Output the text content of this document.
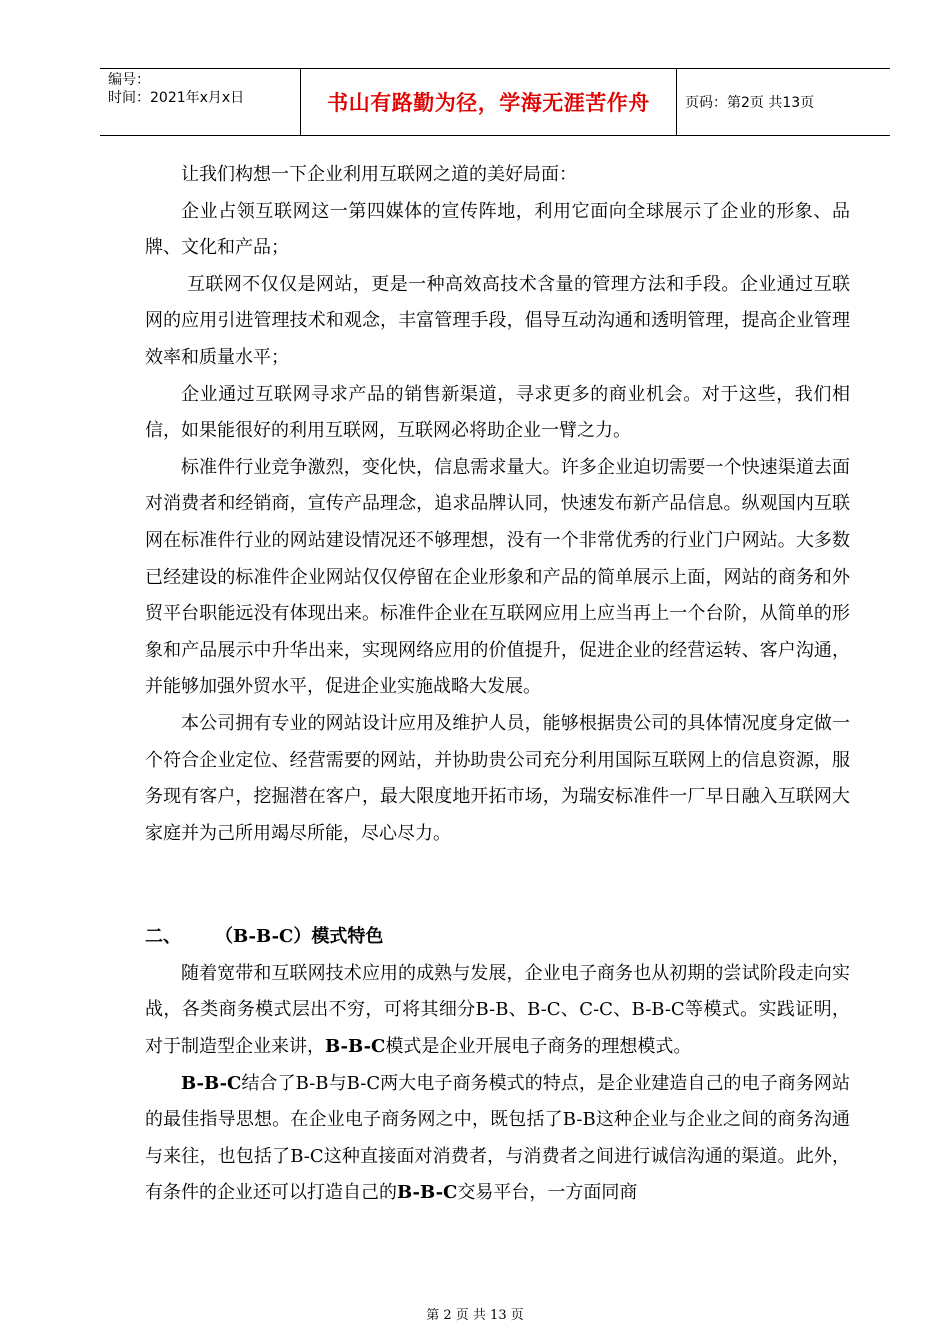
编号：
时间：2021年x月x日	书山有路勤为径，学海无涯苦作舟	页码：第2页 共13页

让我们构想一下企业利用互联网之道的美好局面：

企业占领互联网这一第四媒体的宣传阵地，利用它面向全球展示了企业的形象、品牌、文化和产品；

互联网不仅仅是网站，更是一种高效高技术含量的管理方法和手段。企业通过互联网的应用引进管理技术和观念，丰富管理手段，倡导互动沟通和透明管理，提高企业管理效率和质量水平；

企业通过互联网寻求产品的销售新渠道，寻求更多的商业机会。对于这些，我们相信，如果能很好的利用互联网，互联网必将助企业一臂之力。

标准件行业竞争激烈，变化快，信息需求量大。许多企业迫切需要一个快速渠道去面对消费者和经销商，宣传产品理念，追求品牌认同，快速发布新产品信息。纵观国内互联网在标准件行业的网站建设情况还不够理想，没有一个非常优秀的行业门户网站。大多数已经建设的标准件企业网站仅仅停留在企业形象和产品的简单展示上面，网站的商务和外贸平台职能远没有体现出来。标准件企业在互联网应用上应当再上一个台阶，从简单的形象和产品展示中升华出来，实现网络应用的价值提升，促进企业的经营运转、客户沟通，并能够加强外贸水平，促进企业实施战略大发展。

本公司拥有专业的网站设计应用及维护人员，能够根据贵公司的具体情况度身定做一个符合企业定位、经营需要的网站，并协助贵公司充分利用国际互联网上的信息资源，服务现有客户，挖掘潜在客户，最大限度地开拓市场，为瑞安标准件一厂早日融入互联网大家庭并为己所用竭尽所能，尽心尽力。

二、 （B-B-C）模式特色

随着宽带和互联网技术应用的成熟与发展，企业电子商务也从初期的尝试阶段走向实战，各类商务模式层出不穷，可将其细分B-B、B-C、C-C、B-B-C等模式。实践证明，对于制造型企业来讲，B-B-C模式是企业开展电子商务的理想模式。

B-B-C结合了B-B与B-C两大电子商务模式的特点，是企业建造自己的电子商务网站的最佳指导思想。在企业电子商务网之中，既包括了B-B这种企业与企业之间的商务沟通与来往，也包括了B-C这种直接面对消费者，与消费者之间进行诚信沟通的渠道。此外，有条件的企业还可以打造自己的B-B-C交易平台，一方面同商

第 2 页 共 13 页
